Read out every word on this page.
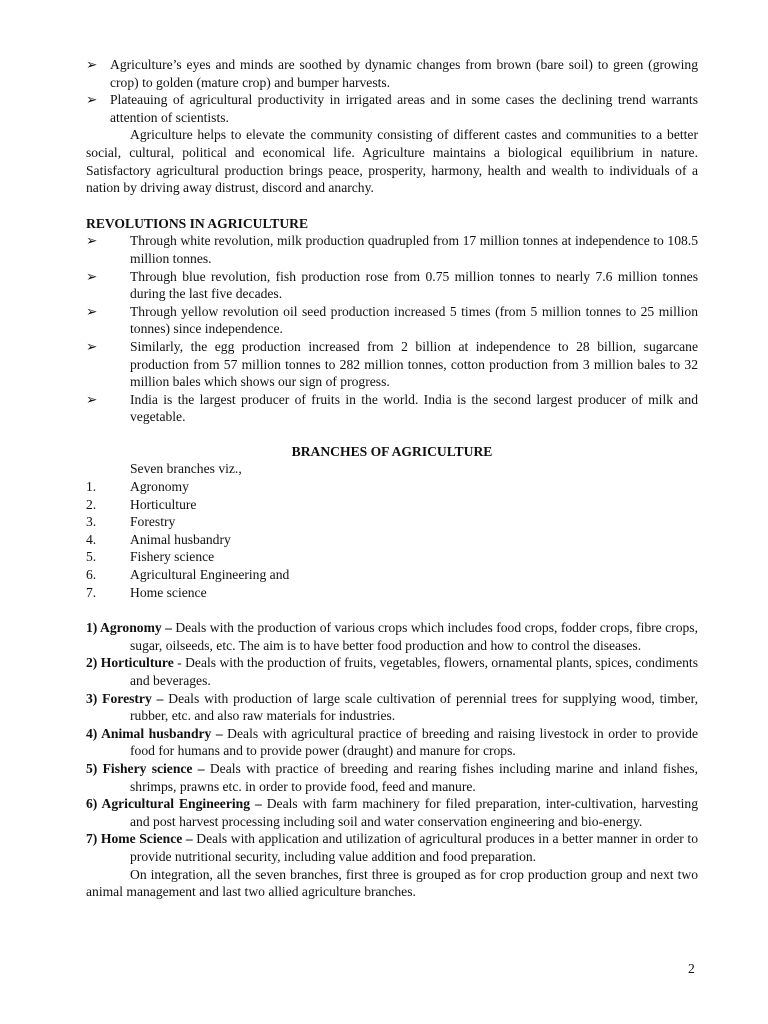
➢ Agriculture’s eyes and minds are soothed by dynamic changes from brown (bare soil) to green (growing crop) to golden (mature crop) and bumper harvests.
➢ Plateauing of agricultural productivity in irrigated areas and in some cases the declining trend warrants attention of scientists.

Agriculture helps to elevate the community consisting of different castes and communities to a better social, cultural, political and economical life. Agriculture maintains a biological equilibrium in nature. Satisfactory agricultural production brings peace, prosperity, harmony, health and wealth to individuals of a nation by driving away distrust, discord and anarchy.

REVOLUTIONS IN AGRICULTURE
➢ Through white revolution, milk production quadrupled from 17 million tonnes at independence to 108.5 million tonnes.
➢ Through blue revolution, fish production rose from 0.75 million tonnes to nearly 7.6 million tonnes during the last five decades.
➢ Through yellow revolution oil seed production increased 5 times (from 5 million tonnes to 25 million tonnes) since independence.
➢ Similarly, the egg production increased from 2 billion at independence to 28 billion, sugarcane production from 57 million tonnes to 282 million tonnes, cotton production from 3 million bales to 32 million bales which shows our sign of progress.
➢ India is the largest producer of fruits in the world. India is the second largest producer of milk and vegetable.
BRANCHES OF AGRICULTURE
Seven branches viz.,
1. Agronomy
2. Horticulture
3. Forestry
4. Animal husbandry
5. Fishery science
6. Agricultural Engineering and
7. Home science
1) Agronomy – Deals with the production of various crops which includes food crops, fodder crops, fibre crops, sugar, oilseeds, etc. The aim is to have better food production and how to control the diseases.
2) Horticulture - Deals with the production of fruits, vegetables, flowers, ornamental plants, spices, condiments and beverages.
3) Forestry – Deals with production of large scale cultivation of perennial trees for supplying wood, timber, rubber, etc. and also raw materials for industries.
4) Animal husbandry – Deals with agricultural practice of breeding and raising livestock in order to provide food for humans and to provide power (draught) and manure for crops.
5) Fishery science – Deals with practice of breeding and rearing fishes including marine and inland fishes, shrimps, prawns etc. in order to provide food, feed and manure.
6) Agricultural Engineering – Deals with farm machinery for filed preparation, inter-cultivation, harvesting and post harvest processing including soil and water conservation engineering and bio-energy.
7) Home Science – Deals with application and utilization of agricultural produces in a better manner in order to provide nutritional security, including value addition and food preparation.

On integration, all the seven branches, first three is grouped as for crop production group and next two animal management and last two allied agriculture branches.

2
